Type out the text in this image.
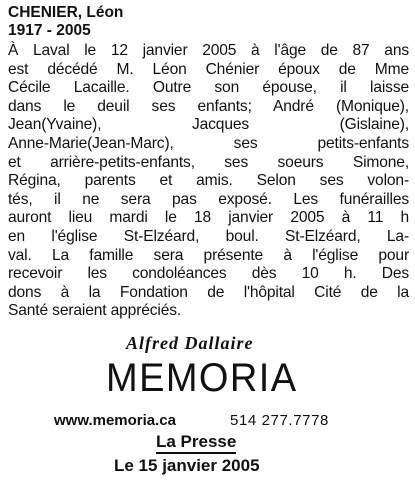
CHENIER, Léon
1917 - 2005
À Laval le 12 janvier 2005 à l'âge de 87 ans
est décédé M. Léon Chénier époux de Mme
Cécile Lacaille. Outre son épouse, il laisse
dans le deuil ses enfants; André (Monique),
Jean(Yvaine), Jacques (Gislaine),
Anne-Marie(Jean-Marc), ses petits-enfants
et arrière-petits-enfants, ses soeurs Simone,
Régina, parents et amis. Selon ses volon-
tés, il ne sera pas exposé. Les funérailles
auront lieu mardi le 18 janvier 2005 à 11 h
en l'église St-Elzéard, boul. St-Elzéard, La-
val. La famille sera présente à l'église pour
recevoir les condoléances dès 10 h. Des
dons à la Fondation de l'hôpital Cité de la
Santé seraient appréciés.
Alfred Dallaire
MEMORIA
www.memoria.ca	514 277.7778
La Presse
Le 15 janvier 2005
